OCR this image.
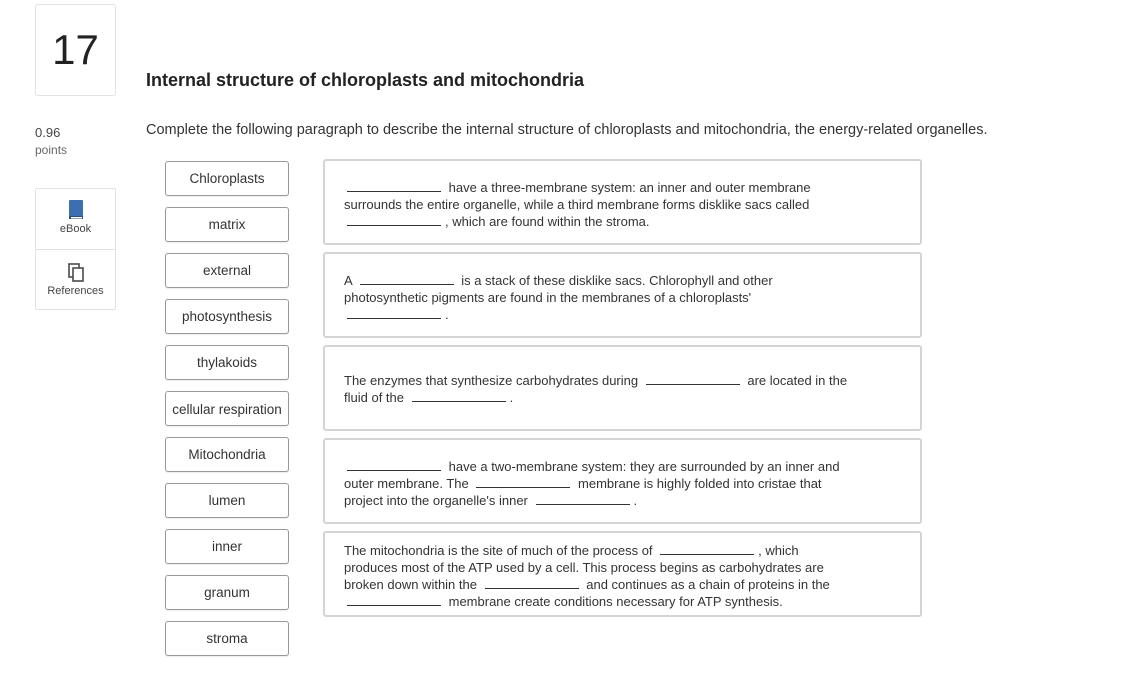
17
0.96
points
eBook
References
Internal structure of chloroplasts and mitochondria
Complete the following paragraph to describe the internal structure of chloroplasts and mitochondria, the energy-related organelles.
Chloroplasts
matrix
external
photosynthesis
thylakoids
cellular respiration
Mitochondria
lumen
inner
granum
stroma
have a three-membrane system: an inner and outer membrane
surrounds the entire organelle, while a third membrane forms disklike sacs called
, which are found within the stroma.
A	is a stack of these disklike sacs. Chlorophyll and other
photosynthetic pigments are found in the membranes of a chloroplasts'
.
The enzymes that synthesize carbohydrates during	are located in the
fluid of the	.
have a two-membrane system: they are surrounded by an inner and
outer membrane. The	membrane is highly folded into cristae that
project into the organelle's inner	.
The mitochondria is the site of much of the process of	, which
produces most of the ATP used by a cell. This process begins as carbohydrates are
broken down within the	and continues as a chain of proteins in the
membrane create conditions necessary for ATP synthesis.
